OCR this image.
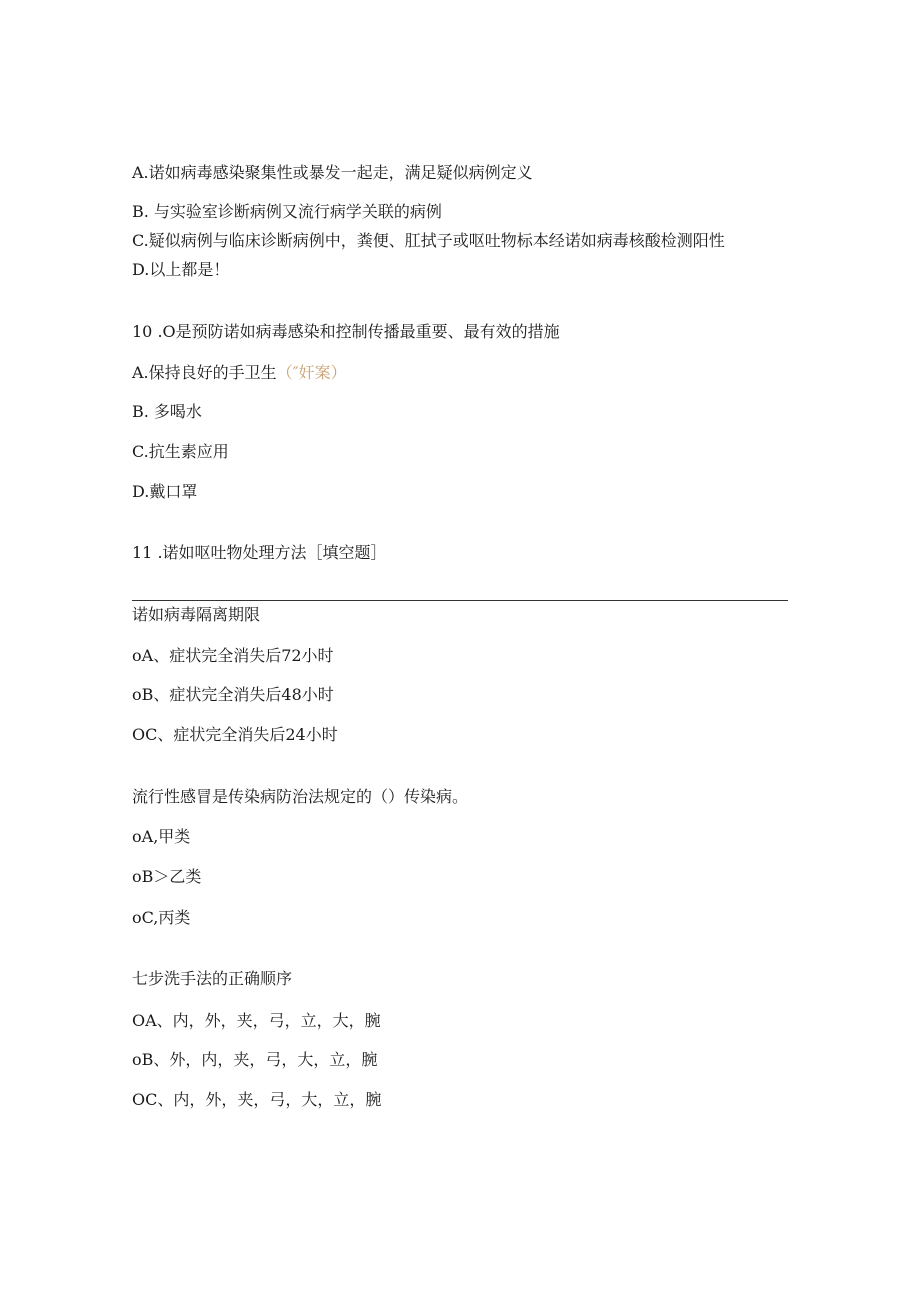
A.诺如病毒感染聚集性或暴发一起走，满足疑似病例定义
B. 与实验室诊断病例又流行病学关联的病例
C.疑似病例与临床诊断病例中，粪便、肛拭子或呕吐物标本经诺如病毒核酸检测阳性
D.以上都是！
10 .O是预防诺如病毒感染和控制传播最重要、最有效的措施
A.保持良好的手卫生（″奸案）
B. 多喝水
C.抗生素应用
D.戴口罩
11 .诺如呕吐物处理方法［填空题］
诺如病毒隔离期限
oA、症状完全消失后72小时
oB、症状完全消失后48小时
OC、症状完全消失后24小时
流行性感冒是传染病防治法规定的（）传染病。
oA,甲类
oB＞乙类
oC,丙类
七步洗手法的正确顺序
OA、内，外，夹，弓，立，大，腕
oB、外，内，夹，弓，大，立，腕
OC、内，外，夹，弓，大，立，腕
